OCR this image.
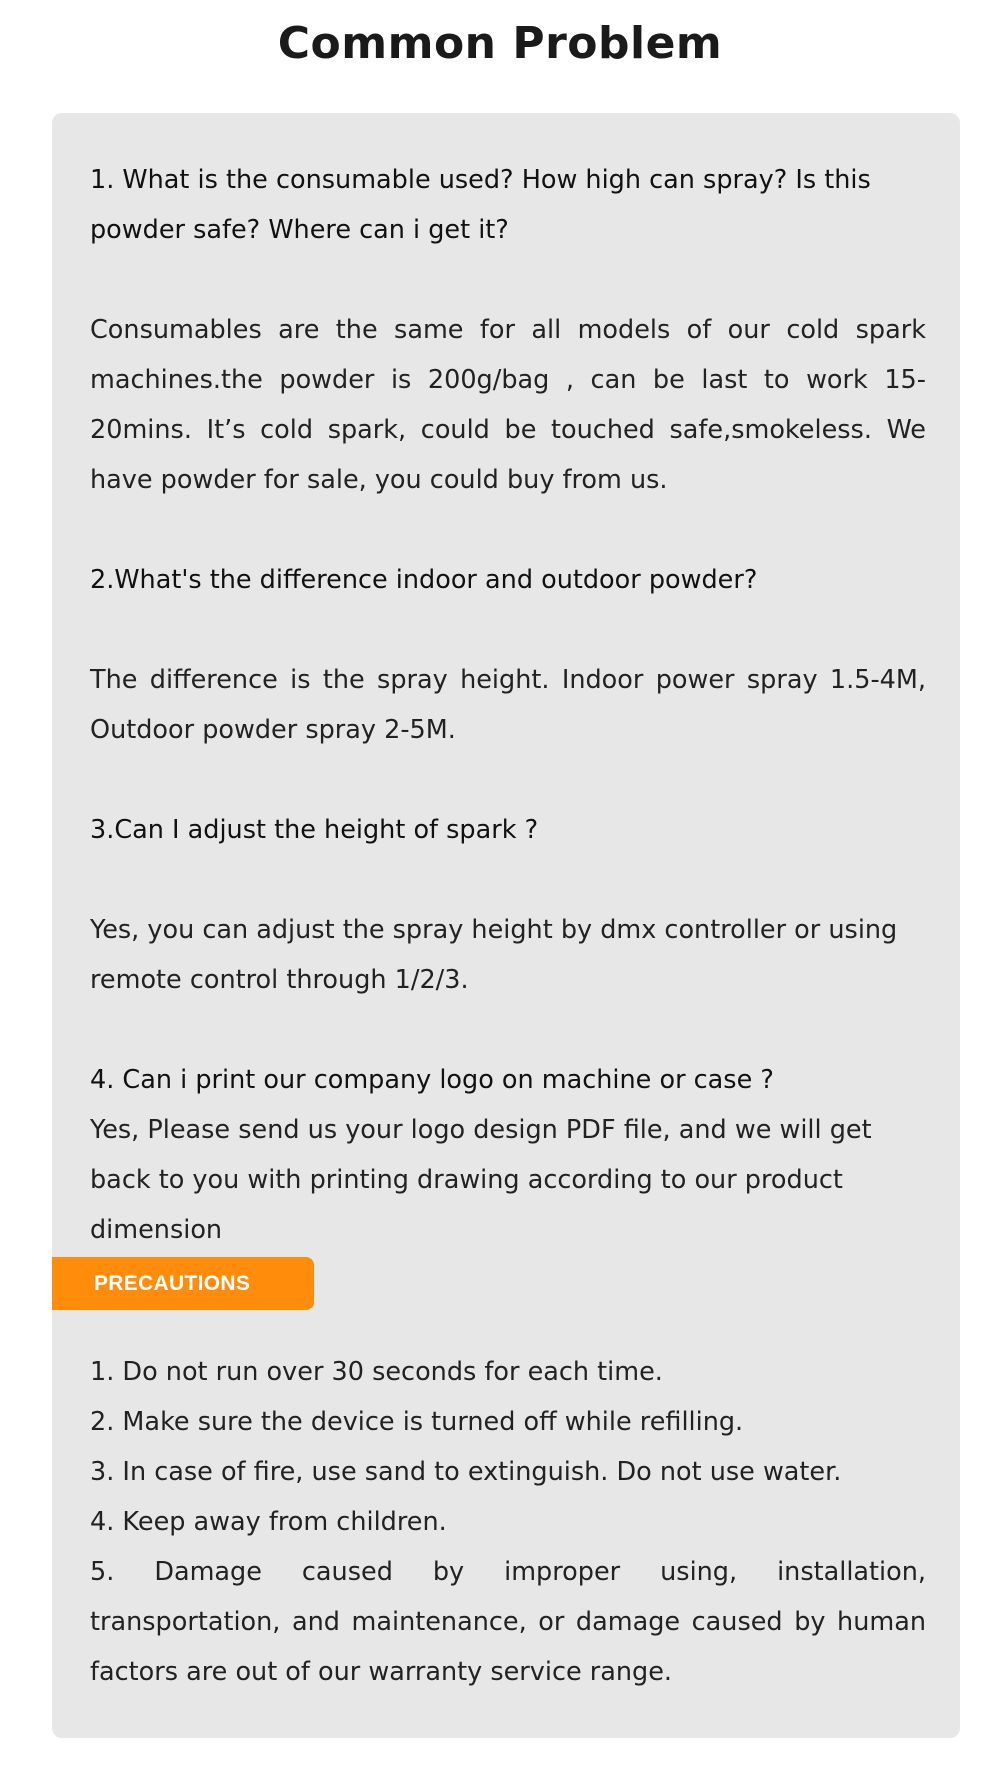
Common Problem

1. What is the consumable used? How high can spray? Is this powder safe? Where can i get it?

Consumables are the same for all models of our cold spark machines.the powder is 200g/bag , can be last to work 15-20mins. It’s cold spark, could be touched safe,smokeless. We have powder for sale, you could buy from us.

2.What's the difference indoor and outdoor powder?

The difference is the spray height. Indoor power spray 1.5-4M, Outdoor powder spray 2-5M.

3.Can I adjust the height of spark ?

Yes, you can adjust the spray height by dmx controller or using remote control through 1/2/3.

4. Can i print our company logo on machine or case ?

Yes, Please send us your logo design PDF file, and we will get back to you with printing drawing according to our product dimension

PRECAUTIONS
1. Do not run over 30 seconds for each time.
2. Make sure the device is turned off while refilling.
3. In case of fire, use sand to extinguish. Do not use water.
4. Keep away from children.
5. Damage caused by improper using, installation, transportation, and maintenance, or damage caused by human factors are out of our warranty service range.
